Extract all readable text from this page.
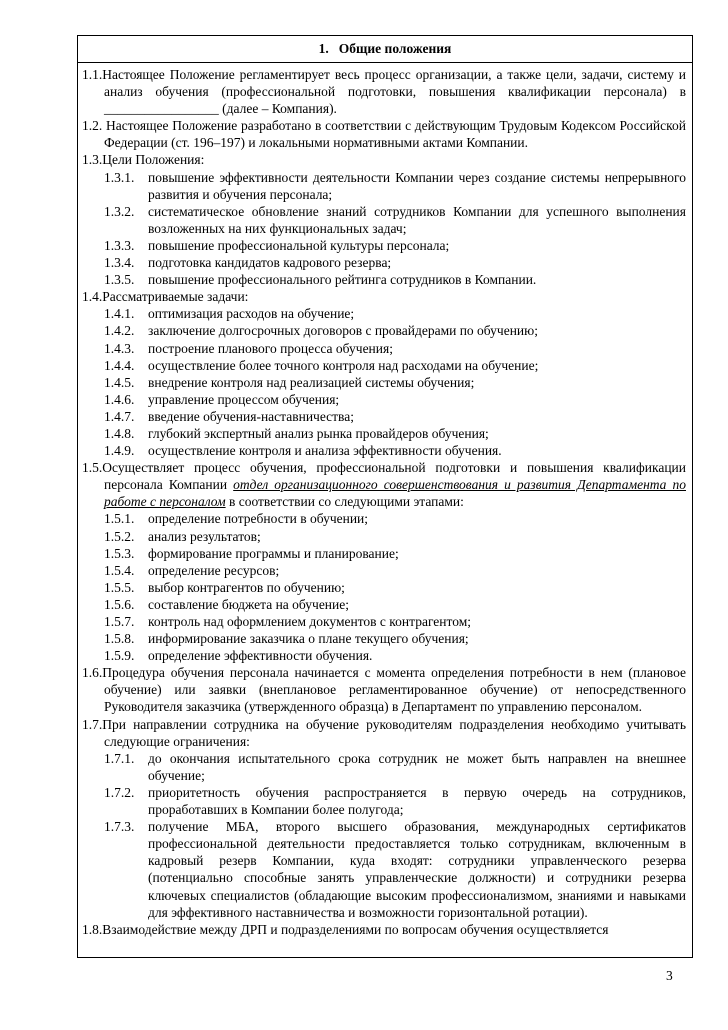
1. Общие положения
1.1.Настоящее Положение регламентирует весь процесс организации, а также цели, задачи, систему и анализ обучения (профессиональной подготовки, повышения квалификации персонала) в _________________ (далее – Компания).
1.2. Настоящее Положение разработано в соответствии с действующим Трудовым Кодексом Российской Федерации (ст. 196–197) и локальными нормативными актами Компании.
1.3.Цели Положения:
1.3.1.	повышение эффективности деятельности Компании через создание системы непрерывного развития и обучения персонала;
1.3.2.	систематическое обновление знаний сотрудников Компании для успешного выполнения возложенных на них функциональных задач;
1.3.3.	повышение профессиональной культуры персонала;
1.3.4.	подготовка кандидатов кадрового резерва;
1.3.5.	повышение профессионального рейтинга сотрудников в Компании.
1.4.Рассматриваемые задачи:
1.4.1.	оптимизация расходов на обучение;
1.4.2.	заключение долгосрочных договоров с провайдерами по обучению;
1.4.3.	построение планового процесса обучения;
1.4.4.	осуществление более точного контроля над расходами на обучение;
1.4.5.	внедрение контроля над реализацией системы обучения;
1.4.6.	управление процессом обучения;
1.4.7.	введение обучения-наставничества;
1.4.8.	глубокий экспертный анализ рынка провайдеров обучения;
1.4.9.	осуществление контроля и анализа эффективности обучения.
1.5.Осуществляет процесс обучения, профессиональной подготовки и повышения квалификации персонала Компании отдел организационного совершенствования и развития Департамента по работе с персоналом в соответствии со следующими этапами:
1.5.1.	определение потребности в обучении;
1.5.2.	анализ результатов;
1.5.3.	формирование программы и планирование;
1.5.4.	определение ресурсов;
1.5.5.	выбор контрагентов по обучению;
1.5.6.	составление бюджета на обучение;
1.5.7.	контроль над оформлением документов с контрагентом;
1.5.8.	информирование заказчика о плане текущего обучения;
1.5.9.	определение эффективности обучения.
1.6.Процедура обучения персонала начинается с момента определения потребности в нем (плановое обучение) или заявки (внеплановое регламентированное обучение) от непосредственного Руководителя заказчика (утвержденного образца) в Департамент по управлению персоналом.
1.7.При направлении сотрудника на обучение руководителям подразделения необходимо учитывать следующие ограничения:
1.7.1.	до окончания испытательного срока сотрудник не может быть направлен на внешнее обучение;
1.7.2.	приоритетность обучения распространяется в первую очередь на сотрудников, проработавших в Компании более полугода;
1.7.3.	получение МБА, второго высшего образования, международных сертификатов профессиональной деятельности предоставляется только сотрудникам, включенным в кадровый резерв Компании, куда входят: сотрудники управленческого резерва (потенциально способные занять управленческие должности) и сотрудники резерва ключевых специалистов (обладающие высоким профессионализмом, знаниями и навыками для эффективного наставничества и возможности горизонтальной ротации).
1.8.Взаимодействие между ДРП и подразделениями по вопросам обучения осуществляется
3
